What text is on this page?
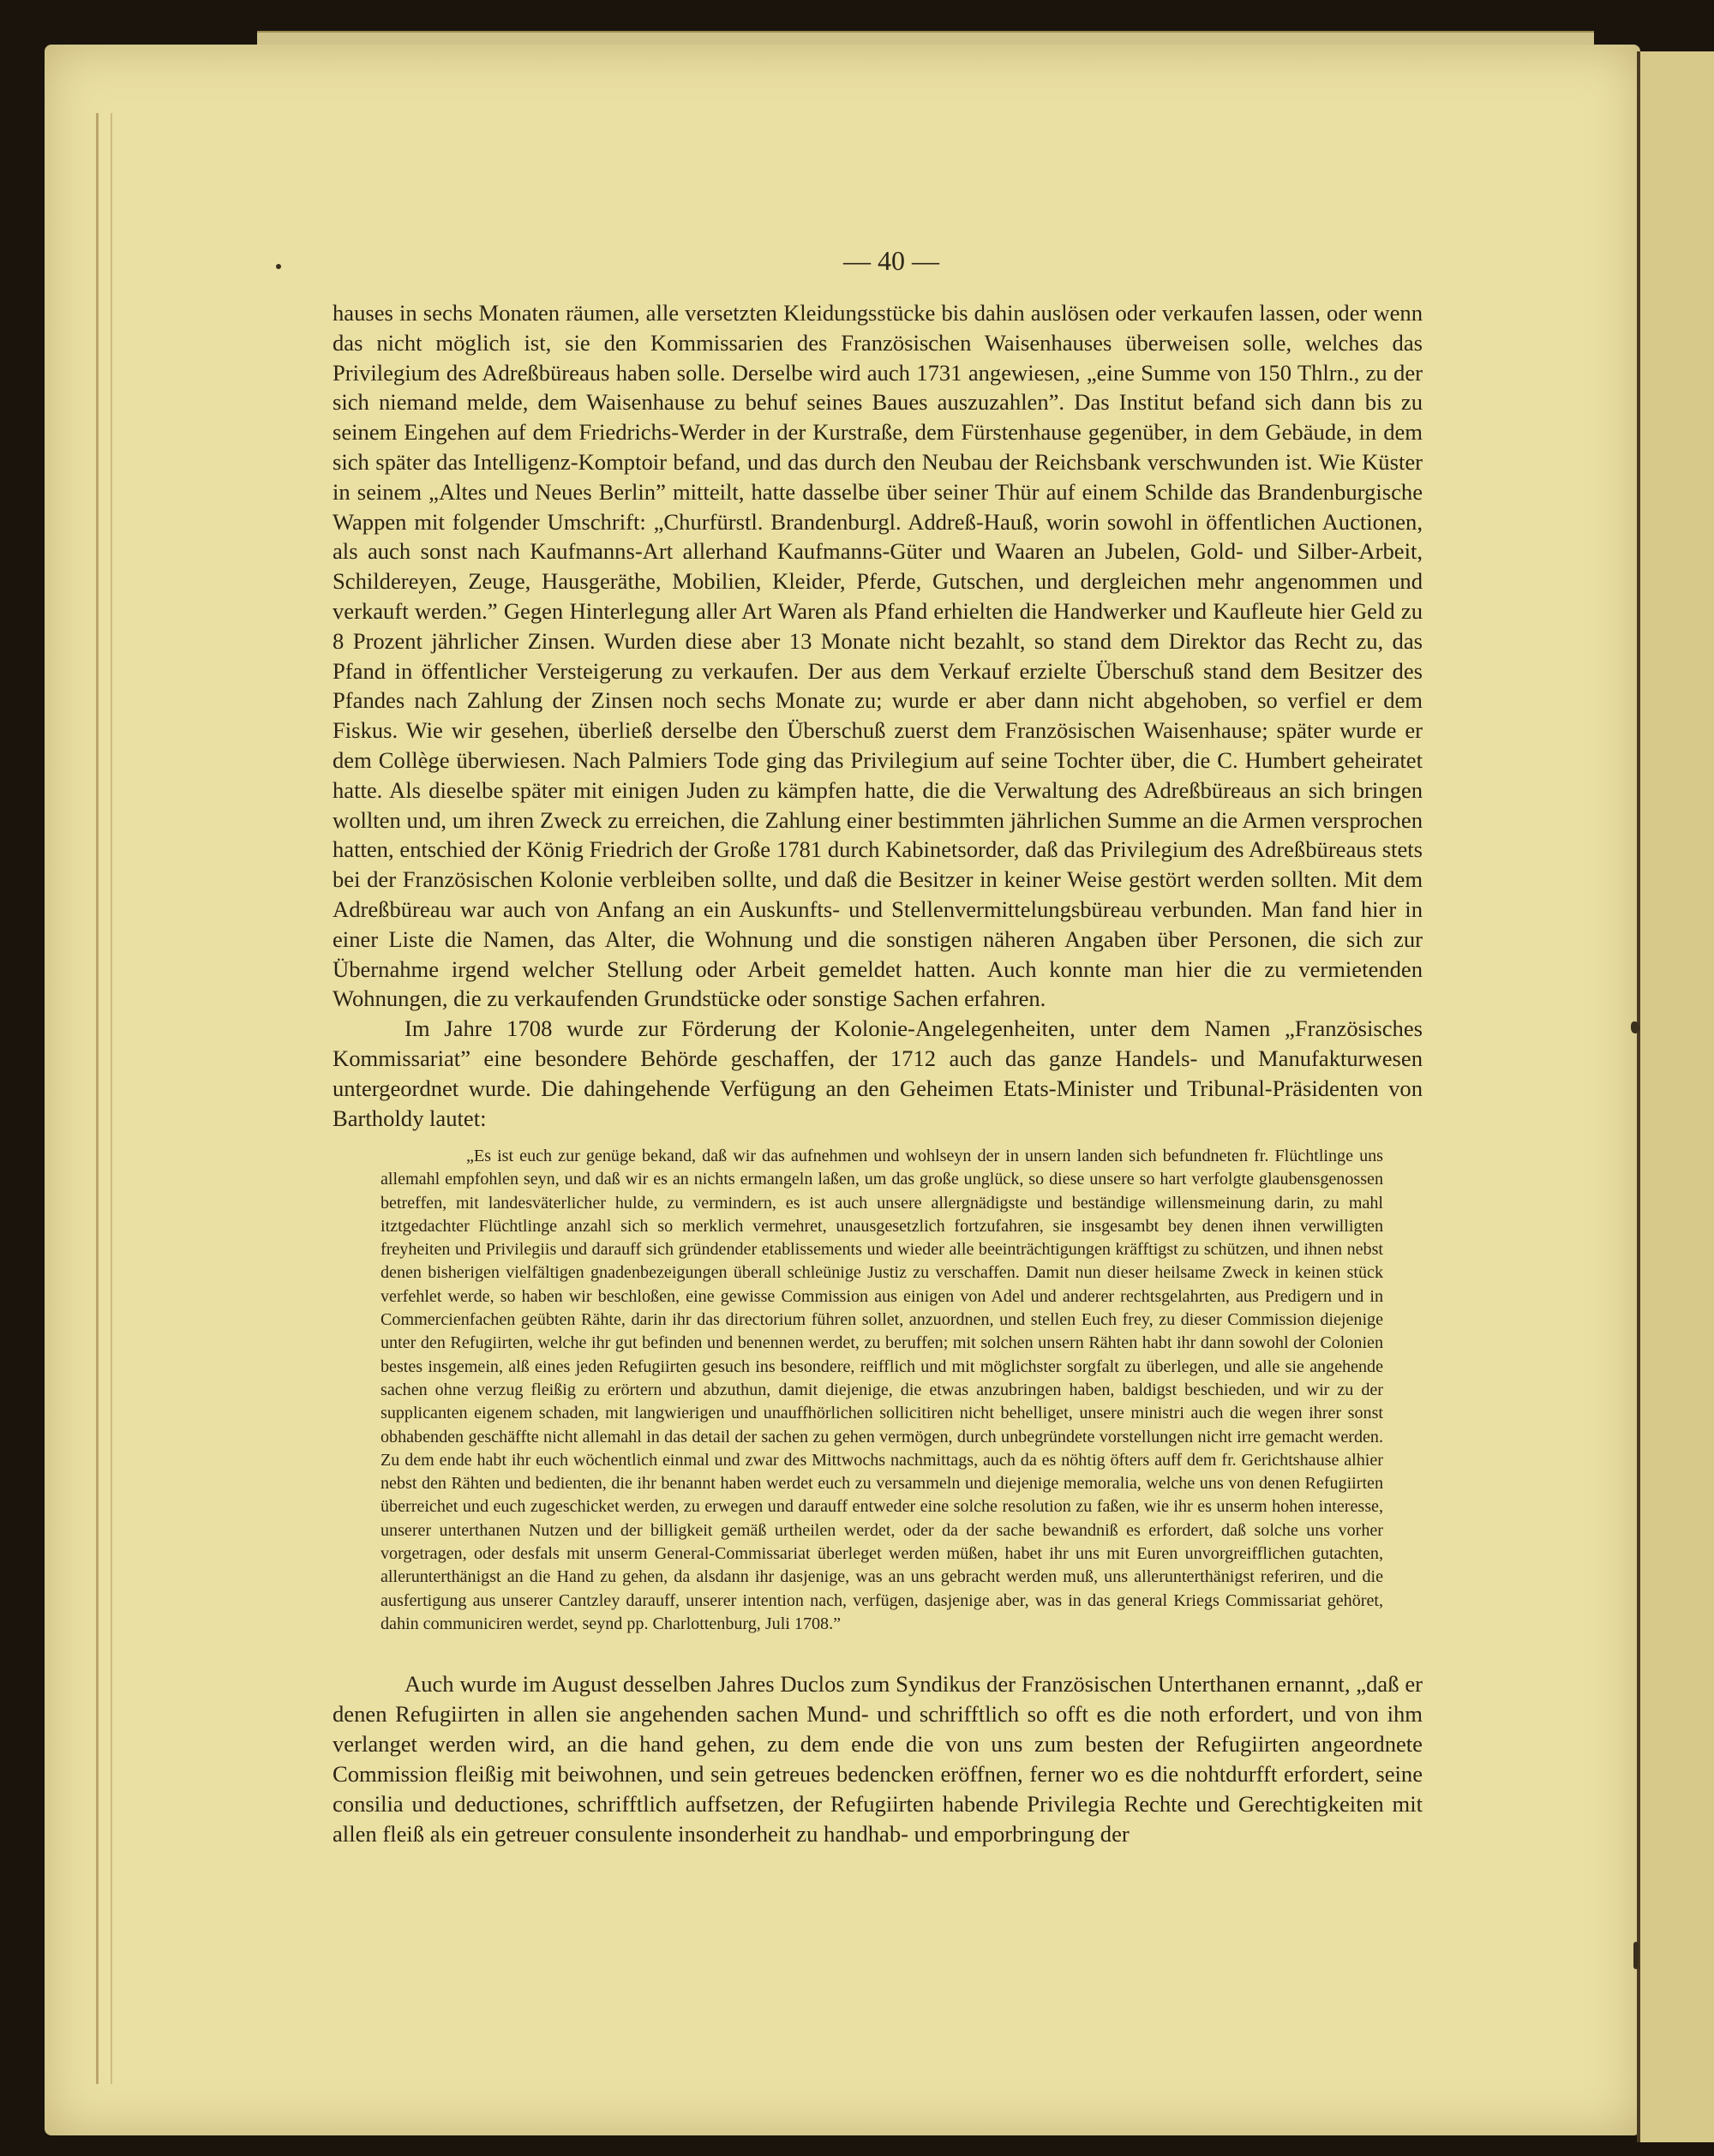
— 40 —

hauses in sechs Monaten räumen, alle versetzten Kleidungsstücke bis dahin auslösen oder verkaufen lassen, oder wenn das nicht möglich ist, sie den Kommissarien des Französischen Waisenhauses überweisen solle, welches das Privilegium des Adreßbüreaus haben solle. Derselbe wird auch 1731 angewiesen, „eine Summe von 150 Thlrn., zu der sich niemand melde, dem Waisenhause zu behuf seines Baues auszuzahlen”. Das Institut befand sich dann bis zu seinem Eingehen auf dem Friedrichs-Werder in der Kurstraße, dem Fürstenhause gegenüber, in dem Gebäude, in dem sich später das Intelligenz-Komptoir befand, und das durch den Neubau der Reichsbank verschwunden ist. Wie Küster in seinem „Altes und Neues Berlin” mitteilt, hatte dasselbe über seiner Thür auf einem Schilde das Brandenburgische Wappen mit folgender Umschrift: „Churfürstl. Brandenburgl. Addreß-Hauß, worin sowohl in öffentlichen Auctionen, als auch sonst nach Kaufmanns-Art allerhand Kaufmanns-Güter und Waaren an Jubelen, Gold- und Silber-Arbeit, Schildereyen, Zeuge, Hausgeräthe, Mobilien, Kleider, Pferde, Gutschen, und dergleichen mehr angenommen und verkauft werden.” Gegen Hinterlegung aller Art Waren als Pfand erhielten die Handwerker und Kaufleute hier Geld zu 8 Prozent jährlicher Zinsen. Wurden diese aber 13 Monate nicht bezahlt, so stand dem Direktor das Recht zu, das Pfand in öffentlicher Versteigerung zu verkaufen. Der aus dem Verkauf erzielte Überschuß stand dem Besitzer des Pfandes nach Zahlung der Zinsen noch sechs Monate zu; wurde er aber dann nicht abgehoben, so verfiel er dem Fiskus. Wie wir gesehen, überließ derselbe den Überschuß zuerst dem Französischen Waisenhause; später wurde er dem Collège überwiesen. Nach Palmiers Tode ging das Privilegium auf seine Tochter über, die C. Humbert geheiratet hatte. Als dieselbe später mit einigen Juden zu kämpfen hatte, die die Verwaltung des Adreßbüreaus an sich bringen wollten und, um ihren Zweck zu erreichen, die Zahlung einer bestimmten jährlichen Summe an die Armen versprochen hatten, entschied der König Friedrich der Große 1781 durch Kabinetsorder, daß das Privilegium des Adreßbüreaus stets bei der Französischen Kolonie verbleiben sollte, und daß die Besitzer in keiner Weise gestört werden sollten. Mit dem Adreßbüreau war auch von Anfang an ein Auskunfts- und Stellenvermittelungsbüreau verbunden. Man fand hier in einer Liste die Namen, das Alter, die Wohnung und die sonstigen näheren Angaben über Personen, die sich zur Übernahme irgend welcher Stellung oder Arbeit gemeldet hatten. Auch konnte man hier die zu vermietenden Wohnungen, die zu verkaufenden Grundstücke oder sonstige Sachen erfahren.

Im Jahre 1708 wurde zur Förderung der Kolonie-Angelegenheiten, unter dem Namen „Französisches Kommissariat” eine besondere Behörde geschaffen, der 1712 auch das ganze Handels- und Manufakturwesen untergeordnet wurde. Die dahingehende Verfügung an den Geheimen Etats-Minister und Tribunal-Präsidenten von Bartholdy lautet:

„Es ist euch zur genüge bekand, daß wir das aufnehmen und wohlseyn der in unsern landen sich befundneten fr. Flüchtlinge uns allemahl empfohlen seyn, und daß wir es an nichts ermangeln laßen, um das große unglück, so diese unsere so hart verfolgte glaubensgenossen betreffen, mit landesväterlicher hulde, zu vermindern, es ist auch unsere allergnädigste und beständige willensmeinung darin, zu mahl itztgedachter Flüchtlinge anzahl sich so merklich vermehret, unausgesetzlich fortzufahren, sie insgesambt bey denen ihnen verwilligten freyheiten und Privilegiis und darauff sich gründender etablissements und wieder alle beeinträchtigungen kräfftigst zu schützen, und ihnen nebst denen bisherigen vielfältigen gnadenbezeigungen überall schleünige Justiz zu verschaffen. Damit nun dieser heilsame Zweck in keinen stück verfehlet werde, so haben wir beschloßen, eine gewisse Commission aus einigen von Adel und anderer rechtsgelahrten, aus Predigern und in Commercienfachen geübten Rähte, darin ihr das directorium führen sollet, anzuordnen, und stellen Euch frey, zu dieser Commission diejenige unter den Refugiirten, welche ihr gut befinden und benennen werdet, zu beruffen; mit solchen unsern Rähten habt ihr dann sowohl der Colonien bestes insgemein, alß eines jeden Refugiirten gesuch ins besondere, reifflich und mit möglichster sorgfalt zu überlegen, und alle sie angehende sachen ohne verzug fleißig zu erörtern und abzuthun, damit diejenige, die etwas anzubringen haben, baldigst beschieden, und wir zu der supplicanten eigenem schaden, mit langwierigen und unauffhörlichen sollicitiren nicht behelliget, unsere ministri auch die wegen ihrer sonst obhabenden geschäffte nicht allemahl in das detail der sachen zu gehen vermögen, durch unbegründete vorstellungen nicht irre gemacht werden. Zu dem ende habt ihr euch wöchentlich einmal und zwar des Mittwochs nachmittags, auch da es nöhtig öfters auff dem fr. Gerichtshause alhier nebst den Rähten und bedienten, die ihr benannt haben werdet euch zu versammeln und diejenige memoralia, welche uns von denen Refugiirten überreichet und euch zugeschicket werden, zu erwegen und darauff entweder eine solche resolution zu faßen, wie ihr es unserm hohen interesse, unserer unterthanen Nutzen und der billigkeit gemäß urtheilen werdet, oder da der sache bewandniß es erfordert, daß solche uns vorher vorgetragen, oder desfals mit unserm General-Commissariat überleget werden müßen, habet ihr uns mit Euren unvorgreifflichen gutachten, allerunterthänigst an die Hand zu gehen, da alsdann ihr dasjenige, was an uns gebracht werden muß, uns allerunterthänigst referiren, und die ausfertigung aus unserer Cantzley darauff, unserer intention nach, verfügen, dasjenige aber, was in das general Kriegs Commissariat gehöret, dahin communiciren werdet, seynd pp. Charlottenburg, Juli 1708.”
Auch wurde im August desselben Jahres Duclos zum Syndikus der Französischen Unterthanen ernannt, „daß er denen Refugiirten in allen sie angehenden sachen Mund- und schrifftlich so offt es die noth erfordert, und von ihm verlanget werden wird, an die hand gehen, zu dem ende die von uns zum besten der Refugiirten angeordnete Commission fleißig mit beiwohnen, und sein getreues bedencken eröffnen, ferner wo es die nohtdurfft erfordert, seine consilia und deductiones, schrifftlich auffsetzen, der Refugiirten habende Privilegia Rechte und Gerechtigkeiten mit allen fleiß als ein getreuer consulente insonderheit zu handhab- und emporbringung der
